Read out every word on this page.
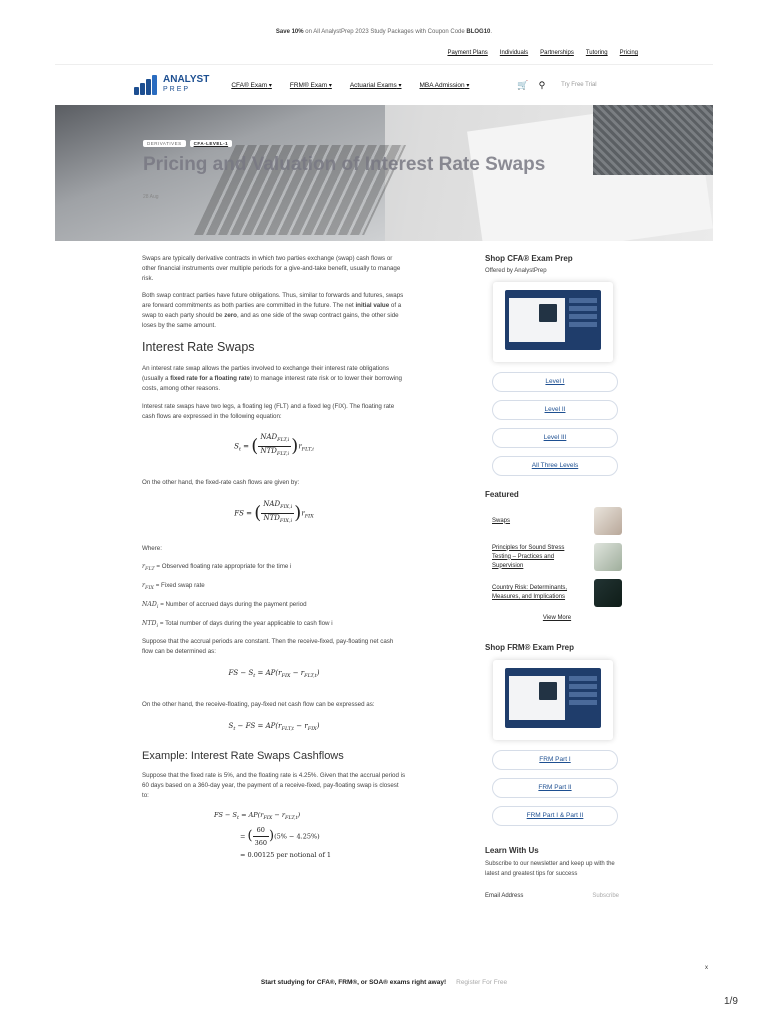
Save 10% on All AnalystPrep 2023 Study Packages with Coupon Code BLOG10.
Payment Plans Individuals Partnerships Tutoring Pricing
ANALYST
PREP
CFA® Exam ▾	FRM® Exam ▾	Actuarial Exams ▾	MBA Admission ▾	🛒 ⚲	Try Free Trial
DERIVATIVES	CFA-LEVEL-1
Pricing and Valuation of Interest Rate Swaps
28 Aug

Swaps are typically derivative contracts in which two parties exchange (swap) cash flows or other financial instruments over multiple periods for a give-and-take benefit, usually to manage risk.

Both swap contract parties have future obligations. Thus, similar to forwards and futures, swaps are forward commitments as both parties are committed in the future. The net initial value of a swap to each party should be zero, and as one side of the swap contract gains, the other side loses by the same amount.

Interest Rate Swaps

An interest rate swap allows the parties involved to exchange their interest rate obligations (usually a fixed rate for a floating rate) to manage interest rate risk or to lower their borrowing costs, among other reasons.

Interest rate swaps have two legs, a floating leg (FLT) and a fixed leg (FIX). The floating rate cash flows are expressed in the following equation:

$S_t$ = ( $\frac{NAD_{FLT,i}}{NTD_{FLT,i}} )r_{FLT,i}$

On the other hand, the fixed-rate cash flows are given by:

FS = ( $\frac{NAD_{FIX,i}}{NTD_{FIX,i}} )r_{FIX}$

Where:

$r_{FLT}$ = Observed floating rate appropriate for the time i
$r_{FIX}$ = Fixed swap rate
$NAD_i$ = Number of accrued days during the payment period
$NTD_i$ = Total number of days during the year applicable to cash flow i

Suppose that the accrual periods are constant. Then the receive-fixed, pay-floating net cash flow can be determined as:

FS − $S_t = AP(r_{FIX} - r_{FLT,t})$

On the other hand, the receive-floating, pay-fixed net cash flow can be expressed as:

$S_t$ − FS = $AP(r_{FLT,t} - r_{FIX})$
Example: Interest Rate Swaps Cashflows

Suppose that the fixed rate is 5%, and the floating rate is 4.25%. Given that the accrual period is 60 days based on a 360-day year, the payment of a receive-fixed, pay-floating swap is closest to:

FS − $S_t = AP(r_{FIX} - r_{FLT,t})$
= ( $\frac{60}{360} )(5\% - 4.25\%)$
= 0.00125 per notional of 1
Shop CFA® Exam Prep
Offered by AnalystPrep
Level I
Level II
Level III
All Three Levels
Featured
Swaps
Principles for Sound Stress Testing – Practices and Supervision
Country Risk: Determinants, Measures, and Implications
View More
Shop FRM® Exam Prep
FRM Part I
FRM Part II
FRM Part I & Part II
Learn With Us

Subscribe to our newsletter and keep up with the latest and greatest tips for success

Email Address	Subscribe
x
Start studying for CFA®, FRM®, or SOA® exams right away! Register For Free
1/9
